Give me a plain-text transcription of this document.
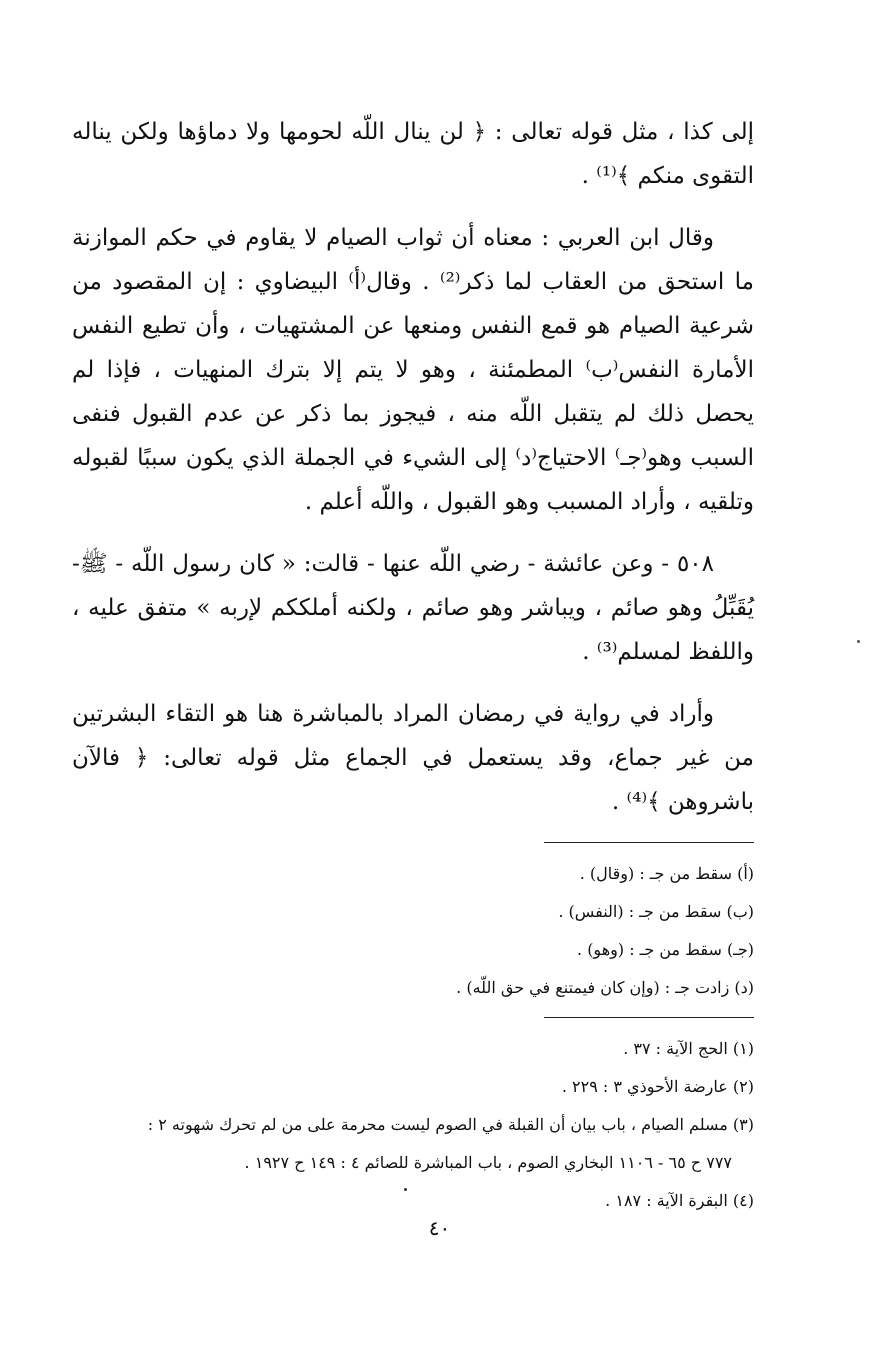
إلى كذا ، مثل قوله تعالى : ﴿ لن ينال اللّه لحومها ولا دماؤها ولكن يناله التقوى منكم ﴾⁽¹⁾ .

وقال ابن العربي : معناه أن ثواب الصيام لا يقاوم في حكم الموازنة ما استحق من العقاب لما ذكر⁽²⁾ . وقال⁽أ⁾ البيضاوي : إن المقصود من شرعية الصيام هو قمع النفس ومنعها عن المشتهيات ، وأن تطيع النفس الأمارة النفس⁽ب⁾ المطمئنة ، وهو لا يتم إلا بترك المنهيات ، فإذا لم يحصل ذلك لم يتقبل اللّه منه ، فيجوز بما ذكر عن عدم القبول فنفى السبب وهو⁽جـ⁾ الاحتياج⁽د⁾ إلى الشيء في الجملة الذي يكون سببًا لقبوله وتلقيه ، وأراد المسبب وهو القبول ، واللّه أعلم .

٥٠٨ - وعن عائشة - رضي اللّه عنها - قالت: « كان رسول اللّه - ﷺ- يُقَبِّلُ وهو صائم ، ويباشر وهو صائم ، ولكنه أملككم لإربه » متفق عليه ، واللفظ لمسلم⁽³⁾ .

وأراد في رواية في رمضان المراد بالمباشرة هنا هو التقاء البشرتين من غير جماع، وقد يستعمل في الجماع مثل قوله تعالى: ﴿ فالآن باشروهن ﴾⁽⁴⁾ .

(أ) سقط من جـ : (وقال) .

(ب) سقط من جـ : (النفس) .

(جـ) سقط من جـ : (وهو) .

(د) زادت جـ : (وإن كان فيمتنع في حق اللّه) .

(١) الحج الآية : ٣٧ .

(٢) عارضة الأحوذي ٣ : ٢٢٩ .

(٣) مسلم الصيام ، باب بيان أن القبلة في الصوم ليست محرمة على من لم تحرك شهوته ٢ :

٧٧٧ ح ٦٥ - ١١٠٦ البخاري الصوم ، باب المباشرة للصائم ٤ : ١٤٩ ح ١٩٢٧ .

(٤) البقرة الآية : ١٨٧ .

٤٠
